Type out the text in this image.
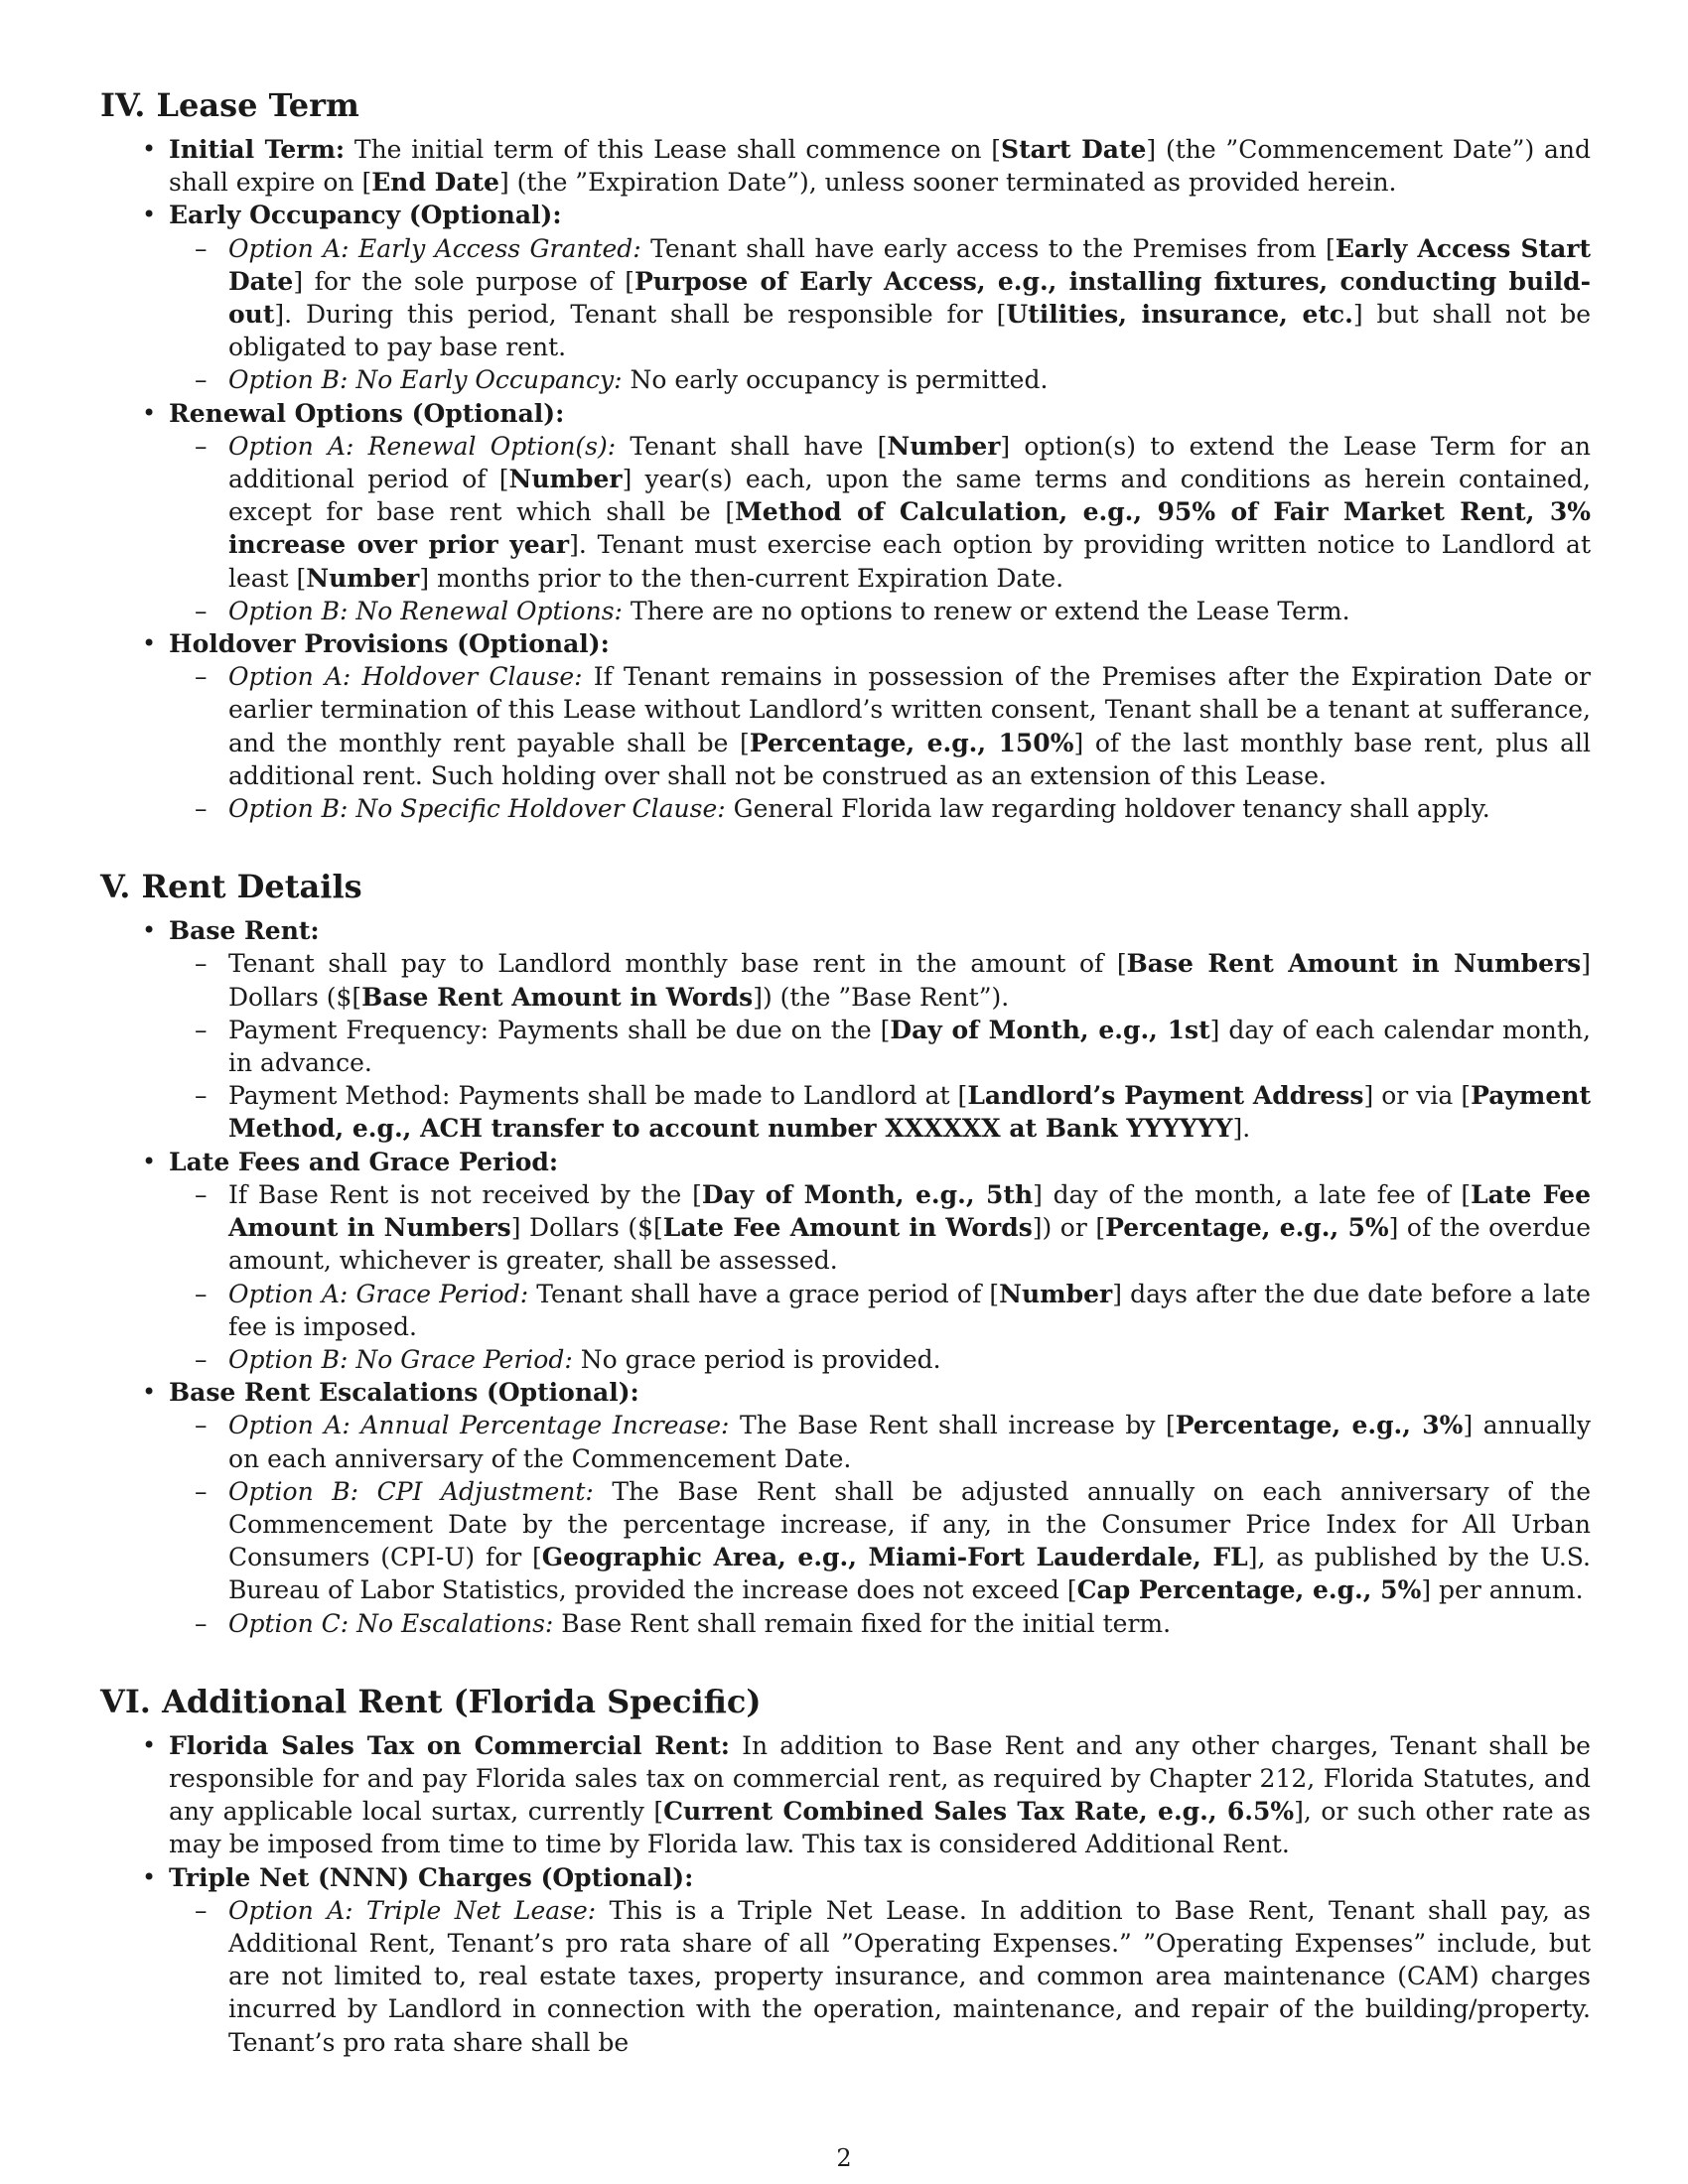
IV. Lease Term
• Initial Term: The initial term of this Lease shall commence on [Start Date] (the ”Commencement Date”) and shall expire on [End Date] (the ”Expiration Date”), unless sooner terminated as provided herein.
• Early Occupancy (Optional):
– Option A: Early Access Granted: Tenant shall have early access to the Premises from [Early Access Start Date] for the sole purpose of [Purpose of Early Access, e.g., installing fixtures, conducting build-out]. During this period, Tenant shall be responsible for [Utilities, insurance, etc.] but shall not be obligated to pay base rent.
– Option B: No Early Occupancy: No early occupancy is permitted.
• Renewal Options (Optional):
– Option A: Renewal Option(s): Tenant shall have [Number] option(s) to extend the Lease Term for an additional period of [Number] year(s) each, upon the same terms and conditions as herein contained, except for base rent which shall be [Method of Calculation, e.g., 95% of Fair Market Rent, 3% increase over prior year]. Tenant must exercise each option by providing written notice to Landlord at least [Number] months prior to the then-current Expiration Date.
– Option B: No Renewal Options: There are no options to renew or extend the Lease Term.
• Holdover Provisions (Optional):
– Option A: Holdover Clause: If Tenant remains in possession of the Premises after the Expiration Date or earlier termination of this Lease without Landlord’s written consent, Tenant shall be a tenant at sufferance, and the monthly rent payable shall be [Percentage, e.g., 150%] of the last monthly base rent, plus all additional rent. Such holding over shall not be construed as an extension of this Lease.
– Option B: No Specific Holdover Clause: General Florida law regarding holdover tenancy shall apply.
V. Rent Details
• Base Rent:
– Tenant shall pay to Landlord monthly base rent in the amount of [Base Rent Amount in Numbers] Dollars ($[Base Rent Amount in Words]) (the ”Base Rent”).
– Payment Frequency: Payments shall be due on the [Day of Month, e.g., 1st] day of each calendar month, in advance.
– Payment Method: Payments shall be made to Landlord at [Landlord’s Payment Address] or via [Payment Method, e.g., ACH transfer to account number XXXXXX at Bank YYYYYY].
• Late Fees and Grace Period:
– If Base Rent is not received by the [Day of Month, e.g., 5th] day of the month, a late fee of [Late Fee Amount in Numbers] Dollars ($[Late Fee Amount in Words]) or [Percentage, e.g., 5%] of the overdue amount, whichever is greater, shall be assessed.
– Option A: Grace Period: Tenant shall have a grace period of [Number] days after the due date before a late fee is imposed.
– Option B: No Grace Period: No grace period is provided.
• Base Rent Escalations (Optional):
– Option A: Annual Percentage Increase: The Base Rent shall increase by [Percentage, e.g., 3%] annually on each anniversary of the Commencement Date.
– Option B: CPI Adjustment: The Base Rent shall be adjusted annually on each anniversary of the Commencement Date by the percentage increase, if any, in the Consumer Price Index for All Urban Consumers (CPI-U) for [Geographic Area, e.g., Miami-Fort Lauderdale, FL], as published by the U.S. Bureau of Labor Statistics, provided the increase does not exceed [Cap Percentage, e.g., 5%] per annum.
– Option C: No Escalations: Base Rent shall remain fixed for the initial term.
VI. Additional Rent (Florida Specific)
• Florida Sales Tax on Commercial Rent: In addition to Base Rent and any other charges, Tenant shall be responsible for and pay Florida sales tax on commercial rent, as required by Chapter 212, Florida Statutes, and any applicable local surtax, currently [Current Combined Sales Tax Rate, e.g., 6.5%], or such other rate as may be imposed from time to time by Florida law. This tax is considered Additional Rent.
• Triple Net (NNN) Charges (Optional):
– Option A: Triple Net Lease: This is a Triple Net Lease. In addition to Base Rent, Tenant shall pay, as Additional Rent, Tenant’s pro rata share of all ”Operating Expenses.” ”Operating Expenses” include, but are not limited to, real estate taxes, property insurance, and common area maintenance (CAM) charges incurred by Landlord in connection with the operation, maintenance, and repair of the building/property. Tenant’s pro rata share shall be
2
